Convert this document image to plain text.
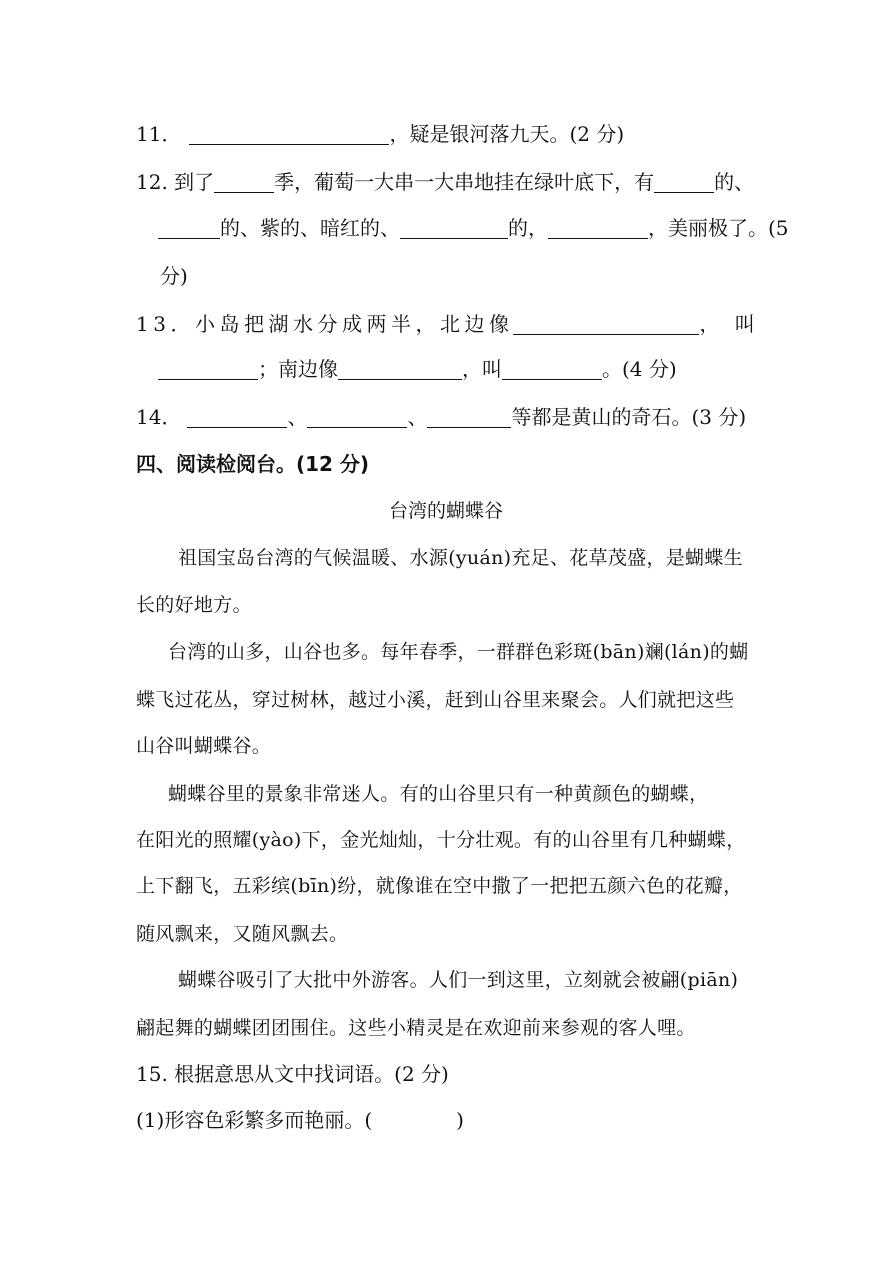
11．	，疑是银河落九天。(2 分)
12. 到了	季，葡萄一大串一大串地挂在绿叶底下，有	的、
的、紫的、暗红的、	的，	，美丽极了。(5
分)
13．小岛把湖水分成两半，北边像	， 叫
；南边像	，叫	。(4 分)
14．	、	、	等都是黄山的奇石。(3 分)
四、阅读检阅台。(12 分)
台湾的蝴蝶谷
祖国宝岛台湾的气候温暖、水源(yuán)充足、花草茂盛，是蝴蝶生
长的好地方。
台湾的山多，山谷也多。每年春季，一群群色彩斑(bān)斓(lán)的蝴
蝶飞过花丛，穿过树林，越过小溪，赶到山谷里来聚会。人们就把这些
山谷叫蝴蝶谷。
蝴蝶谷里的景象非常迷人。有的山谷里只有一种黄颜色的蝴蝶，
在阳光的照耀(yào)下，金光灿灿，十分壮观。有的山谷里有几种蝴蝶，
上下翻飞，五彩缤(bīn)纷，就像谁在空中撒了一把把五颜六色的花瓣，
随风飘来，又随风飘去。
蝴蝶谷吸引了大批中外游客。人们一到这里，立刻就会被翩(piān)
翩起舞的蝴蝶团团围住。这些小精灵是在欢迎前来参观的客人哩。
15. 根据意思从文中找词语。(2 分)
(1)形容色彩繁多而艳丽。(	)
